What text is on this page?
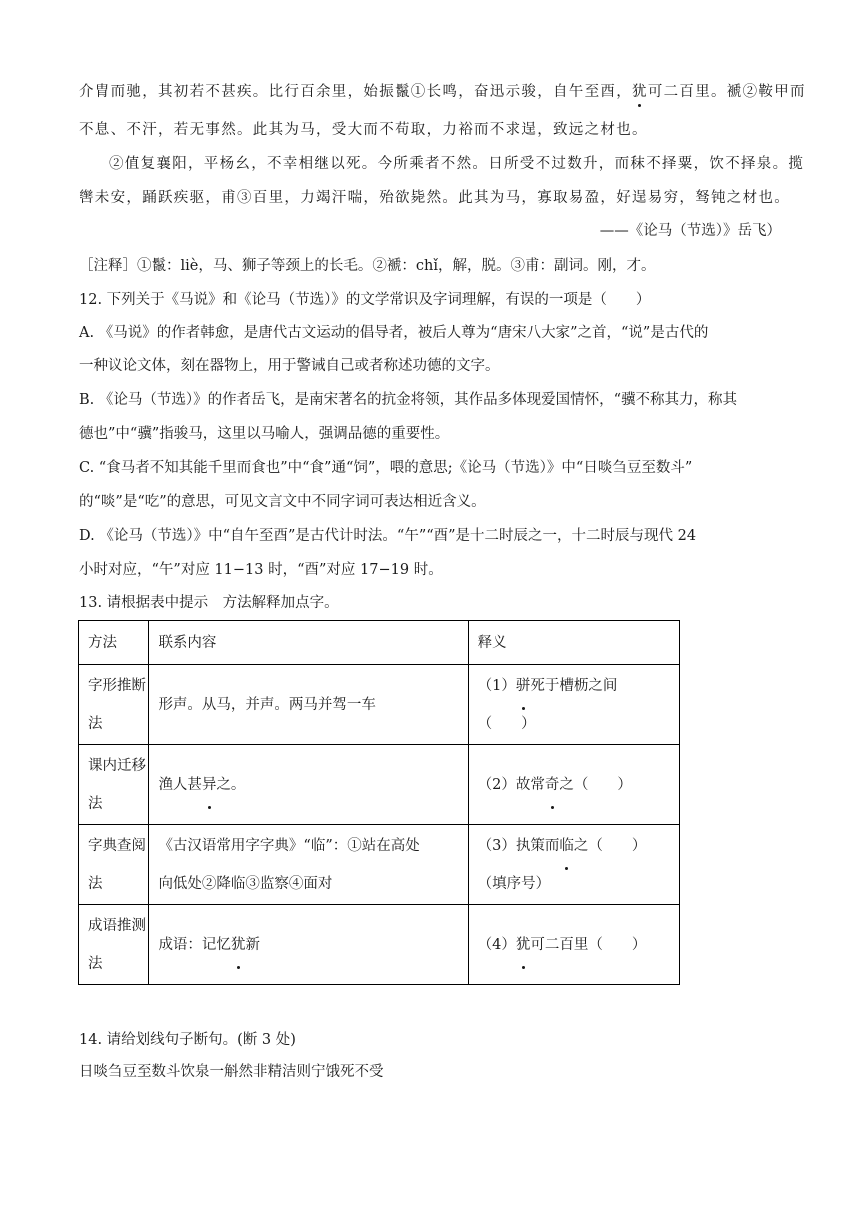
介胄而驰，其初若不甚疾。比行百余里，始振鬣①长鸣，奋迅示骏，自午至酉，犹可二百里。褫②鞍甲而
不息、不汗，若无事然。此其为马，受大而不苟取，力裕而不求逞，致远之材也。
②值复襄阳，平杨幺，不幸相继以死。今所乘者不然。日所受不过数升，而秣不择粟，饮不择泉。揽
辔未安，踊跃疾驱，甫③百里，力竭汗喘，殆欲毙然。此其为马，寡取易盈，好逞易穷，驽钝之材也。
——《论马（节选）》岳飞）
［注释］①鬣：liè，马、狮子等颈上的长毛。②褫：chǐ，解，脱。③甫：副词。刚，才。
12. 下列关于《马说》和《论马（节选）》的文学常识及字词理解，有误的一项是（　　）
A. 《马说》的作者韩愈，是唐代古文运动的倡导者，被后人尊为“唐宋八大家”之首，“说”是古代的
一种议论文体，刻在器物上，用于警诫自己或者称述功德的文字。
B. 《论马（节选）》的作者岳飞，是南宋著名的抗金将领，其作品多体现爱国情怀，“骥不称其力，称其
德也”中“骥”指骏马，这里以马喻人，强调品德的重要性。
C. “食马者不知其能千里而食也”中“食”通“饲”，喂的意思;《论马（节选）》中“日啖刍豆至数斗”
的“啖”是“吃”的意思，可见文言文中不同字词可表达相近含义。
D. 《论马（节选）》中“自午至酉”是古代计时法。“午”“酉”是十二时辰之一，十二时辰与现代 24
小时对应，“午”对应 11−13 时，“酉”对应 17−19 时。
13. 请根据表中提示　方法解释加点字。
方法	联系内容	释义

字形推断
法	形声。从马，并声。两马并驾一车	（1）骈死于槽枥之间
（　　）

课内迁移
法	渔人甚异之。	（2）故常奇之（　　）

字典查阅
法	《古汉语常用字字典》“临”：①站在高处
向低处②降临③监察④面对	（3）执策而临之（　　）
（填序号）

成语推测
法	成语：记忆犹新	（4）犹可二百里（　　）
14. 请给划线句子断句。(断 3 处)
日啖刍豆至数斗饮泉一斛然非精洁则宁饿死不受
